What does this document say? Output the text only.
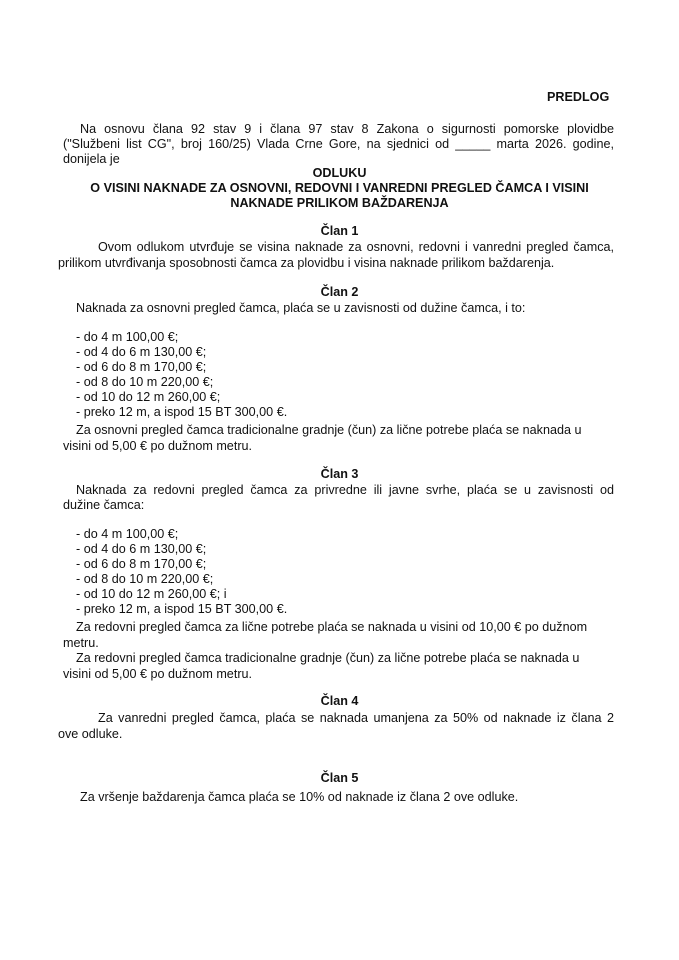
PREDLOG
Na osnovu člana 92 stav 9 i člana 97 stav 8 Zakona o sigurnosti pomorske plovidbe
("Službeni list CG", broj 160/25) Vlada Crne Gore, na sjednici od _____ marta 2026. godine,
donijela je
ODLUKU
O VISINI NAKNADE ZA OSNOVNI, REDOVNI I VANREDNI PREGLED ČAMCA I VISINI
NAKNADE PRILIKOM BAŽDARENJA
Član 1
Ovom odlukom utvrđuje se visina naknade za osnovni, redovni i vanredni pregled čamca,
prilikom utvrđivanja sposobnosti čamca za plovidbu i visina naknade prilikom baždarenja.
Član 2
Naknada za osnovni pregled čamca, plaća se u zavisnosti od dužine čamca, i to:
- do 4 m 100,00 €;
- od 4 do 6 m 130,00 €;
- od 6 do 8 m 170,00 €;
- od 8 do 10 m 220,00 €;
- od 10 do 12 m 260,00 €;
- preko 12 m, a ispod 15 BT 300,00 €.
Za osnovni pregled čamca tradicionalne gradnje (čun) za lične potrebe plaća se naknada u
visini od 5,00 € po dužnom metru.
Član 3
Naknada za redovni pregled čamca za privredne ili javne svrhe, plaća se u zavisnosti od
dužine čamca:
- do 4 m 100,00 €;
- od 4 do 6 m 130,00 €;
- od 6 do 8 m 170,00 €;
- od 8 do 10 m 220,00 €;
- od 10 do 12 m 260,00 €; i
- preko 12 m, a ispod 15 BT 300,00 €.
Za redovni pregled čamca za lične potrebe plaća se naknada u visini od 10,00 € po dužnom
metru.
Za redovni pregled čamca tradicionalne gradnje (čun) za lične potrebe plaća se naknada u
visini od 5,00 € po dužnom metru.
Član 4
Za vanredni pregled čamca, plaća se naknada umanjena za 50% od naknade iz člana 2
ove odluke.
Član 5
Za vršenje baždarenja čamca plaća se 10% od naknade iz člana 2 ove odluke.
